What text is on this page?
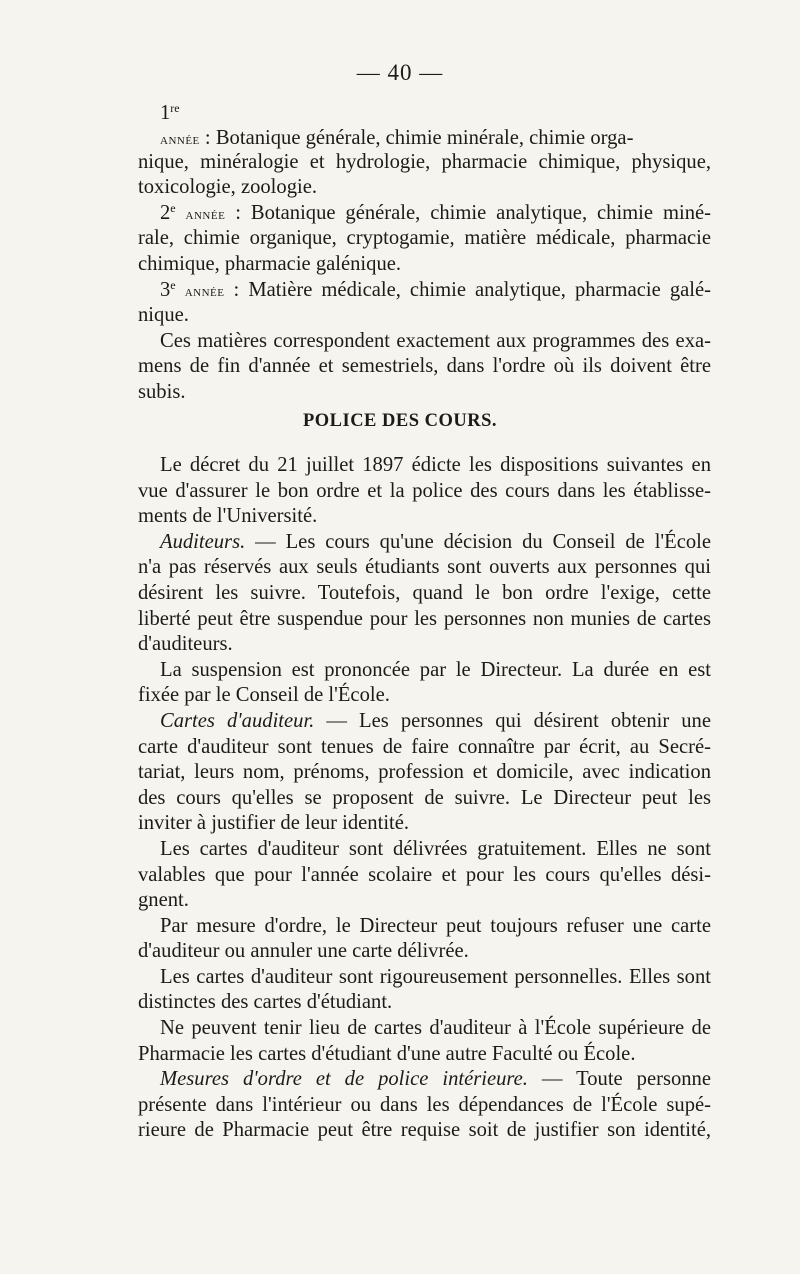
— 40 —
1re
année : Botanique générale, chimie minérale, chimie orga-
nique, minéralogie et hydrologie, pharmacie chimique, physique,
toxicologie, zoologie.
2e année : Botanique générale, chimie analytique, chimie miné-
rale, chimie organique, cryptogamie, matière médicale, pharmacie
chimique, pharmacie galénique.
3e année : Matière médicale, chimie analytique, pharmacie galé-
nique.
Ces matières correspondent exactement aux programmes des exa-
mens de fin d'année et semestriels, dans l'ordre où ils doivent être
subis.
POLICE DES COURS.
Le décret du 21 juillet 1897 édicte les dispositions suivantes en
vue d'assurer le bon ordre et la police des cours dans les établisse-
ments de l'Université.
Auditeurs. — Les cours qu'une décision du Conseil de l'École
n'a pas réservés aux seuls étudiants sont ouverts aux personnes qui
désirent les suivre. Toutefois, quand le bon ordre l'exige, cette
liberté peut être suspendue pour les personnes non munies de cartes
d'auditeurs.
La suspension est prononcée par le Directeur. La durée en est
fixée par le Conseil de l'École.
Cartes d'auditeur. — Les personnes qui désirent obtenir une
carte d'auditeur sont tenues de faire connaître par écrit, au Secré-
tariat, leurs nom, prénoms, profession et domicile, avec indication
des cours qu'elles se proposent de suivre. Le Directeur peut les
inviter à justifier de leur identité.
Les cartes d'auditeur sont délivrées gratuitement. Elles ne sont
valables que pour l'année scolaire et pour les cours qu'elles dési-
gnent.
Par mesure d'ordre, le Directeur peut toujours refuser une carte
d'auditeur ou annuler une carte délivrée.
Les cartes d'auditeur sont rigoureusement personnelles. Elles sont
distinctes des cartes d'étudiant.
Ne peuvent tenir lieu de cartes d'auditeur à l'École supérieure de
Pharmacie les cartes d'étudiant d'une autre Faculté ou École.
Mesures d'ordre et de police intérieure. — Toute personne
présente dans l'intérieur ou dans les dépendances de l'École supé-
rieure de Pharmacie peut être requise soit de justifier son identité,
